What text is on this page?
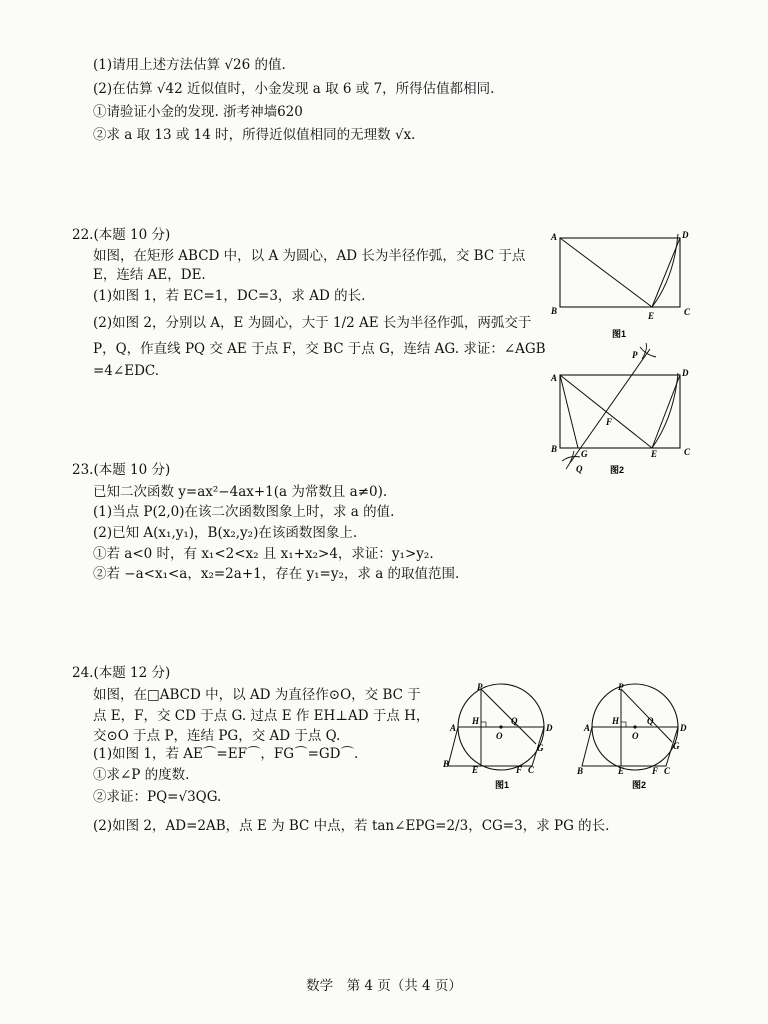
(1)请用上述方法估算 √26 的值.
(2)在估算 √42 近似值时，小金发现 a 取 6 或 7，所得估值都相同.
①请验证小金的发现. 浙考神墙620
②求 a 取 13 或 14 时，所得近似值相同的无理数 √x.
22.(本题 10 分)
如图，在矩形 ABCD 中，以 A 为圆心，AD 长为半径作弧，交 BC 于点
E，连结 AE，DE.
(1)如图 1，若 EC=1，DC=3，求 AD 的长.
(2)如图 2，分别以 A，E 为圆心，大于 1/2 AE 长为半径作弧，两弧交于
P，Q，作直线 PQ 交 AE 于点 F，交 BC 于点 G，连结 AG. 求证：∠AGB
=4∠EDC.
A
B	C
D
E
图1
A
B	C
D
E
F
G
P
Q	图2
23.(本题 10 分)
已知二次函数 y=ax²−4ax+1(a 为常数且 a≠0).
(1)当点 P(2,0)在该二次函数图象上时，求 a 的值.
(2)已知 A(x₁,y₁)，B(x₂,y₂)在该函数图象上.
①若 a<0 时，有 x₁<2<x₂ 且 x₁+x₂>4，求证：y₁>y₂.
②若 −a<x₁<a，x₂=2a+1，存在 y₁=y₂，求 a 的取值范围.
24.(本题 12 分)
如图，在□ABCD 中，以 AD 为直径作⊙O，交 BC 于
点 E，F，交 CD 于点 G. 过点 E 作 EH⊥AD 于点 H，
交⊙O 于点 P，连结 PG，交 AD 于点 Q.
(1)如图 1，若 AE⌒=EF⌒，FG⌒=GD⌒.
①求∠P 的度数.
②求证：PQ=√3QG.
(2)如图 2，AD=2AB，点 E 为 BC 中点，若 tan∠EPG=2/3，CG=3，求 PG 的长.
P
A
H	Q
D
O
G
B
E	F C
图1
P
A
H	Q
D
O
G
B	E	F C
图2
数学　第 4 页（共 4 页）
